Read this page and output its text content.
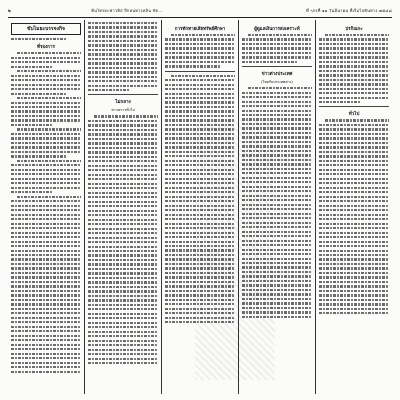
๒	ทินไทรยะฟาวคิส ลึกหนทางหลิน ขัด...	ที่ ๆกรที่ ๑๑ วันมีนาคม ที่เริ่มไปทันทาง ๗๕๘๘
ขับไมยะบรรจงกิจ
ที่รองการ
ไม่กลาง
ข่าวคราวทั่วไป
การทักทายเสียทรัพย์ศึกษา	ผู้ดูแลเงินการสงเคราะห์
ข่าวต่างประเทศ
(ไทยกับประเทศต่าง)
ปรกิณกะ
ทั่วไป
